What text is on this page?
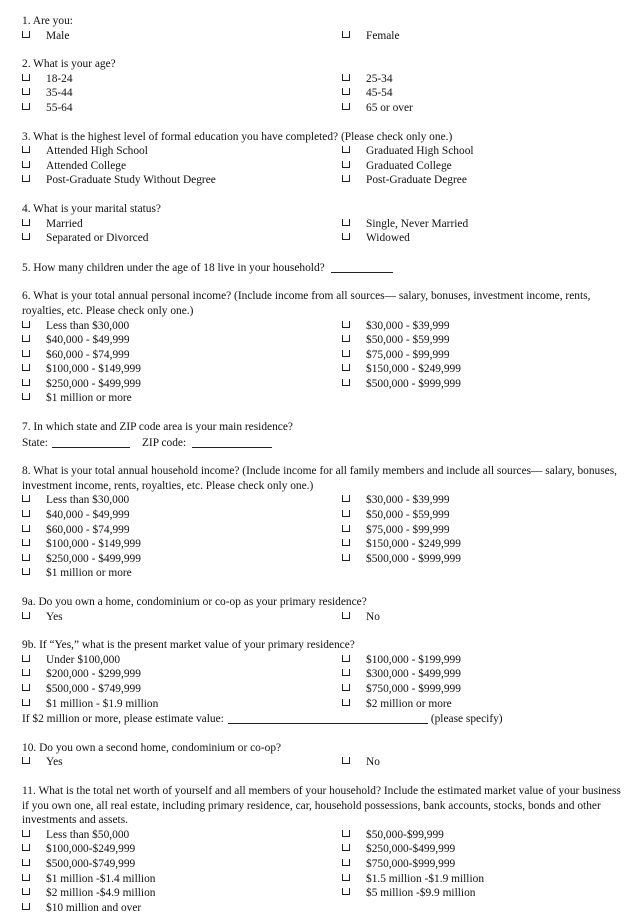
1. Are you:
Male	Female
2. What is your age?
18-24	25-34
35-44	45-54
55-64	65 or over
3. What is the highest level of formal education you have completed? (Please check only one.)
Attended High School	Graduated High School
Attended College	Graduated College
Post-Graduate Study Without Degree	Post-Graduate Degree
4. What is your marital status?
Married	Single, Never Married
Separated or Divorced	Widowed
5. How many children under the age of 18 live in your household?
6. What is your total annual personal income? (Include income from all sources— salary, bonuses, investment income, rents, royalties, etc. Please check only one.)
Less than $30,000	$30,000 - $39,999
$40,000 - $49,999	$50,000 - $59,999
$60,000 - $74,999	$75,000 - $99,999
$100,000 - $149,999	$150,000 - $249,999
$250,000 - $499,999	$500,000 - $999,999
$1 million or more
7. In which state and ZIP code area is your main residence?
State:	ZIP code:
8. What is your total annual household income? (Include income for all family members and include all sources— salary, bonuses, investment income, rents, royalties, etc. Please check only one.)
Less than $30,000	$30,000 - $39,999
$40,000 - $49,999	$50,000 - $59,999
$60,000 - $74,999	$75,000 - $99,999
$100,000 - $149,999	$150,000 - $249,999
$250,000 - $499,999	$500,000 - $999,999
$1 million or more
9a. Do you own a home, condominium or co-op as your primary residence?
Yes	No
9b. If “Yes,” what is the present market value of your primary residence?
Under $100,000	$100,000 - $199,999
$200,000 - $299,999	$300,000 - $499,999
$500,000 - $749,999	$750,000 - $999,999
$1 million - $1.9 million	$2 million or more
If $2 million or more, please estimate value:	(please specify)
10. Do you own a second home, condominium or co-op?
Yes	No
11. What is the total net worth of yourself and all members of your household? Include the estimated market value of your business if you own one, all real estate, including primary residence, car, household possessions, bank accounts, stocks, bonds and other investments and assets.
Less than $50,000	$50,000-$99,999
$100,000-$249,999	$250,000-$499,999
$500,000-$749,999	$750,000-$999,999
$1 million -$1.4 million	$1.5 million -$1.9 million
$2 million -$4.9 million	$5 million -$9.9 million
$10 million and over
